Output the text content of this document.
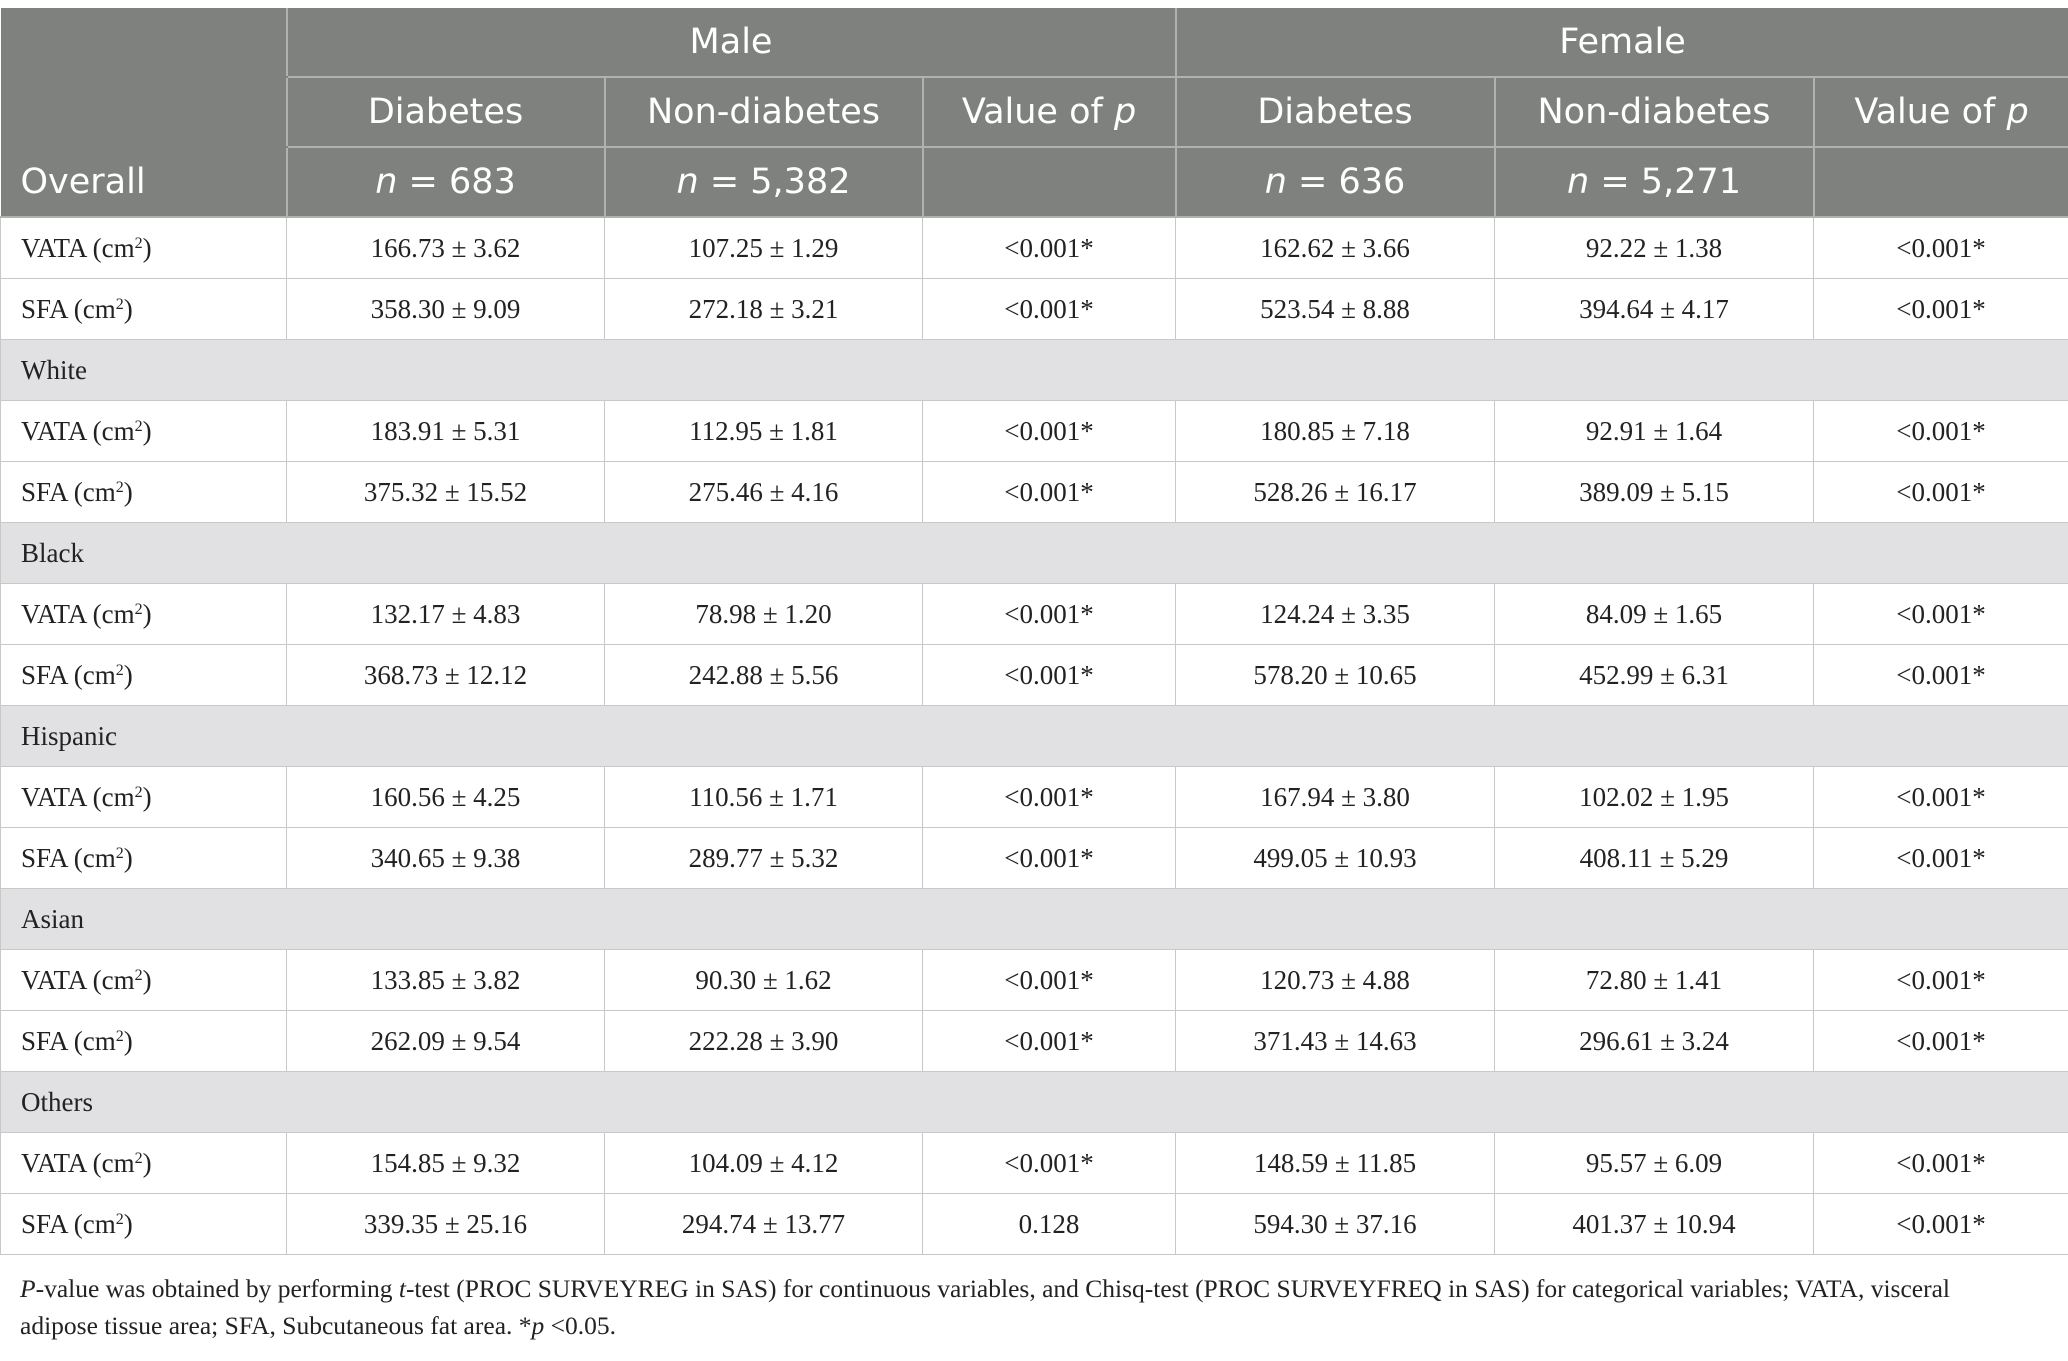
	Male			Female		
	Diabetes	Non-diabetes	Value of p	Diabetes	Non-diabetes	Value of p
Overall	n = 683	n = 5,382		n = 636	n = 5,271	
VATA $(cm^2)$	166.73 ± 3.62	107.25 ± 1.29	<0.001*	162.62 ± 3.66	92.22 ± 1.38	<0.001*
SFA $(cm^2)$	358.30 ± 9.09	272.18 ± 3.21	<0.001*	523.54 ± 8.88	394.64 ± 4.17	<0.001*
White						
VATA $(cm^2)$	183.91 ± 5.31	112.95 ± 1.81	<0.001*	180.85 ± 7.18	92.91 ± 1.64	<0.001*
SFA $(cm^2)$	375.32 ± 15.52	275.46 ± 4.16	<0.001*	528.26 ± 16.17	389.09 ± 5.15	<0.001*
Black						
VATA $(cm^2)$	132.17 ± 4.83	78.98 ± 1.20	<0.001*	124.24 ± 3.35	84.09 ± 1.65	<0.001*
SFA $(cm^2)$	368.73 ± 12.12	242.88 ± 5.56	<0.001*	578.20 ± 10.65	452.99 ± 6.31	<0.001*
Hispanic						
VATA $(cm^2)$	160.56 ± 4.25	110.56 ± 1.71	<0.001*	167.94 ± 3.80	102.02 ± 1.95	<0.001*
SFA $(cm^2)$	340.65 ± 9.38	289.77 ± 5.32	<0.001*	499.05 ± 10.93	408.11 ± 5.29	<0.001*
Asian						
VATA $(cm^2)$	133.85 ± 3.82	90.30 ± 1.62	<0.001*	120.73 ± 4.88	72.80 ± 1.41	<0.001*
SFA $(cm^2)$	262.09 ± 9.54	222.28 ± 3.90	<0.001*	371.43 ± 14.63	296.61 ± 3.24	<0.001*
Others						
VATA $(cm^2)$	154.85 ± 9.32	104.09 ± 4.12	<0.001*	148.59 ± 11.85	95.57 ± 6.09	<0.001*
SFA $(cm^2)$	339.35 ± 25.16	294.74 ± 13.77	0.128	594.30 ± 37.16	401.37 ± 10.94	<0.001*
P-value was obtained by performing t-test (PROC SURVEYREG in SAS) for continuous variables, and Chisq-test (PROC SURVEYFREQ in SAS) for categorical variables; VATA, visceral adipose tissue area; SFA, Subcutaneous fat area. *p <0.05.
